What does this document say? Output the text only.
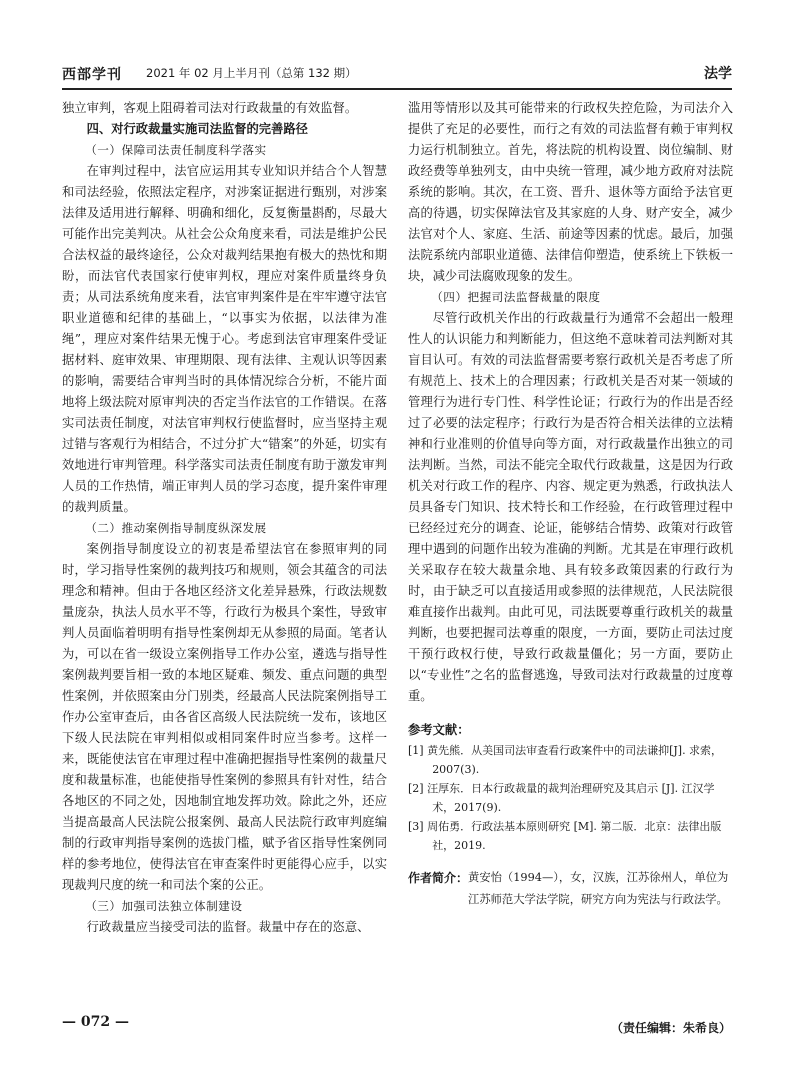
西部学刊 2021 年 02 月上半月刊（总第 132 期）	法学

独立审判，客观上阻碍着司法对行政裁量的有效监督。

四、对行政裁量实施司法监督的完善路径
（一）保障司法责任制度科学落实

在审判过程中，法官应运用其专业知识并结合个人智慧和司法经验，依照法定程序，对涉案证据进行甄别，对涉案法律及适用进行解释、明确和细化，反复衡量斟酌，尽最大可能作出完美判决。从社会公众角度来看，司法是维护公民合法权益的最终途径，公众对裁判结果抱有极大的热忱和期盼，而法官代表国家行使审判权，理应对案件质量终身负责；从司法系统角度来看，法官审判案件是在牢牢遵守法官职业道德和纪律的基础上，“以事实为依据，以法律为准绳”，理应对案件结果无愧于心。考虑到法官审理案件受证据材料、庭审效果、审理期限、现有法律、主观认识等因素的影响，需要结合审判当时的具体情况综合分析，不能片面地将上级法院对原审判决的否定当作法官的工作错误。在落实司法责任制度，对法官审判权行使监督时，应当坚持主观过错与客观行为相结合，不过分扩大“错案”的外延，切实有效地进行审判管理。科学落实司法责任制度有助于激发审判人员的工作热情，端正审判人员的学习态度，提升案件审理的裁判质量。

（二）推动案例指导制度纵深发展

案例指导制度设立的初衷是希望法官在参照审判的同时，学习指导性案例的裁判技巧和规则，领会其蕴含的司法理念和精神。但由于各地区经济文化差异悬殊，行政法规数量庞杂，执法人员水平不等，行政行为极具个案性，导致审判人员面临着明明有指导性案例却无从参照的局面。笔者认为，可以在省一级设立案例指导工作办公室，遴选与指导性案例裁判要旨相一致的本地区疑难、频发、重点问题的典型性案例，并依照案由分门别类，经最高人民法院案例指导工作办公室审查后，由各省区高级人民法院统一发布，该地区下级人民法院在审判相似或相同案件时应当参考。这样一来，既能使法官在审理过程中准确把握指导性案例的裁量尺度和裁量标准，也能使指导性案例的参照具有针对性，结合各地区的不同之处，因地制宜地发挥功效。除此之外，还应当提高最高人民法院公报案例、最高人民法院行政审判庭编制的行政审判指导案例的选拔门槛，赋予省区指导性案例同样的参考地位，使得法官在审查案件时更能得心应手，以实现裁判尺度的统一和司法个案的公正。

（三）加强司法独立体制建设

行政裁量应当接受司法的监督。裁量中存在的恣意、

滥用等情形以及其可能带来的行政权失控危险，为司法介入提供了充足的必要性，而行之有效的司法监督有赖于审判权力运行机制独立。首先，将法院的机构设置、岗位编制、财政经费等单独列支，由中央统一管理，减少地方政府对法院系统的影响。其次，在工资、晋升、退休等方面给予法官更高的待遇，切实保障法官及其家庭的人身、财产安全，减少法官对个人、家庭、生活、前途等因素的忧虑。最后，加强法院系统内部职业道德、法律信仰塑造，使系统上下铁板一块，减少司法腐败现象的发生。

（四）把握司法监督裁量的限度

尽管行政机关作出的行政裁量行为通常不会超出一般理性人的认识能力和判断能力，但这绝不意味着司法判断对其盲目认可。有效的司法监督需要考察行政机关是否考虑了所有规范上、技术上的合理因素；行政机关是否对某一领域的管理行为进行专门性、科学性论证；行政行为的作出是否经过了必要的法定程序；行政行为是否符合相关法律的立法精神和行业准则的价值导向等方面，对行政裁量作出独立的司法判断。当然，司法不能完全取代行政裁量，这是因为行政机关对行政工作的程序、内容、规定更为熟悉，行政执法人员具备专门知识、技术特长和工作经验，在行政管理过程中已经经过充分的调查、论证，能够结合情势、政策对行政管理中遇到的问题作出较为准确的判断。尤其是在审理行政机关采取存在较大裁量余地、具有较多政策因素的行政行为时，由于缺乏可以直接适用或参照的法律规范，人民法院很难直接作出裁判。由此可见，司法既要尊重行政机关的裁量判断，也要把握司法尊重的限度，一方面，要防止司法过度干预行政权行使，导致行政裁量僵化；另一方面，要防止以“专业性”之名的监督逃逸，导致司法对行政裁量的过度尊重。

参考文献：
[1] 黄先熊．从美国司法审查看行政案件中的司法谦抑[J]. 求索，2007(3).
[2] 汪厚东．日本行政裁量的裁判治理研究及其启示 [J]. 江汉学术，2017(9).
[3] 周佑勇．行政法基本原则研究 [M]. 第二版．北京：法律出版社，2019.
作者简介： 黄安怡（1994—），女，汉族，江苏徐州人，单位为江苏师范大学法学院，研究方向为宪法与行政法学。
（责任编辑：朱希良）
— 072 —
